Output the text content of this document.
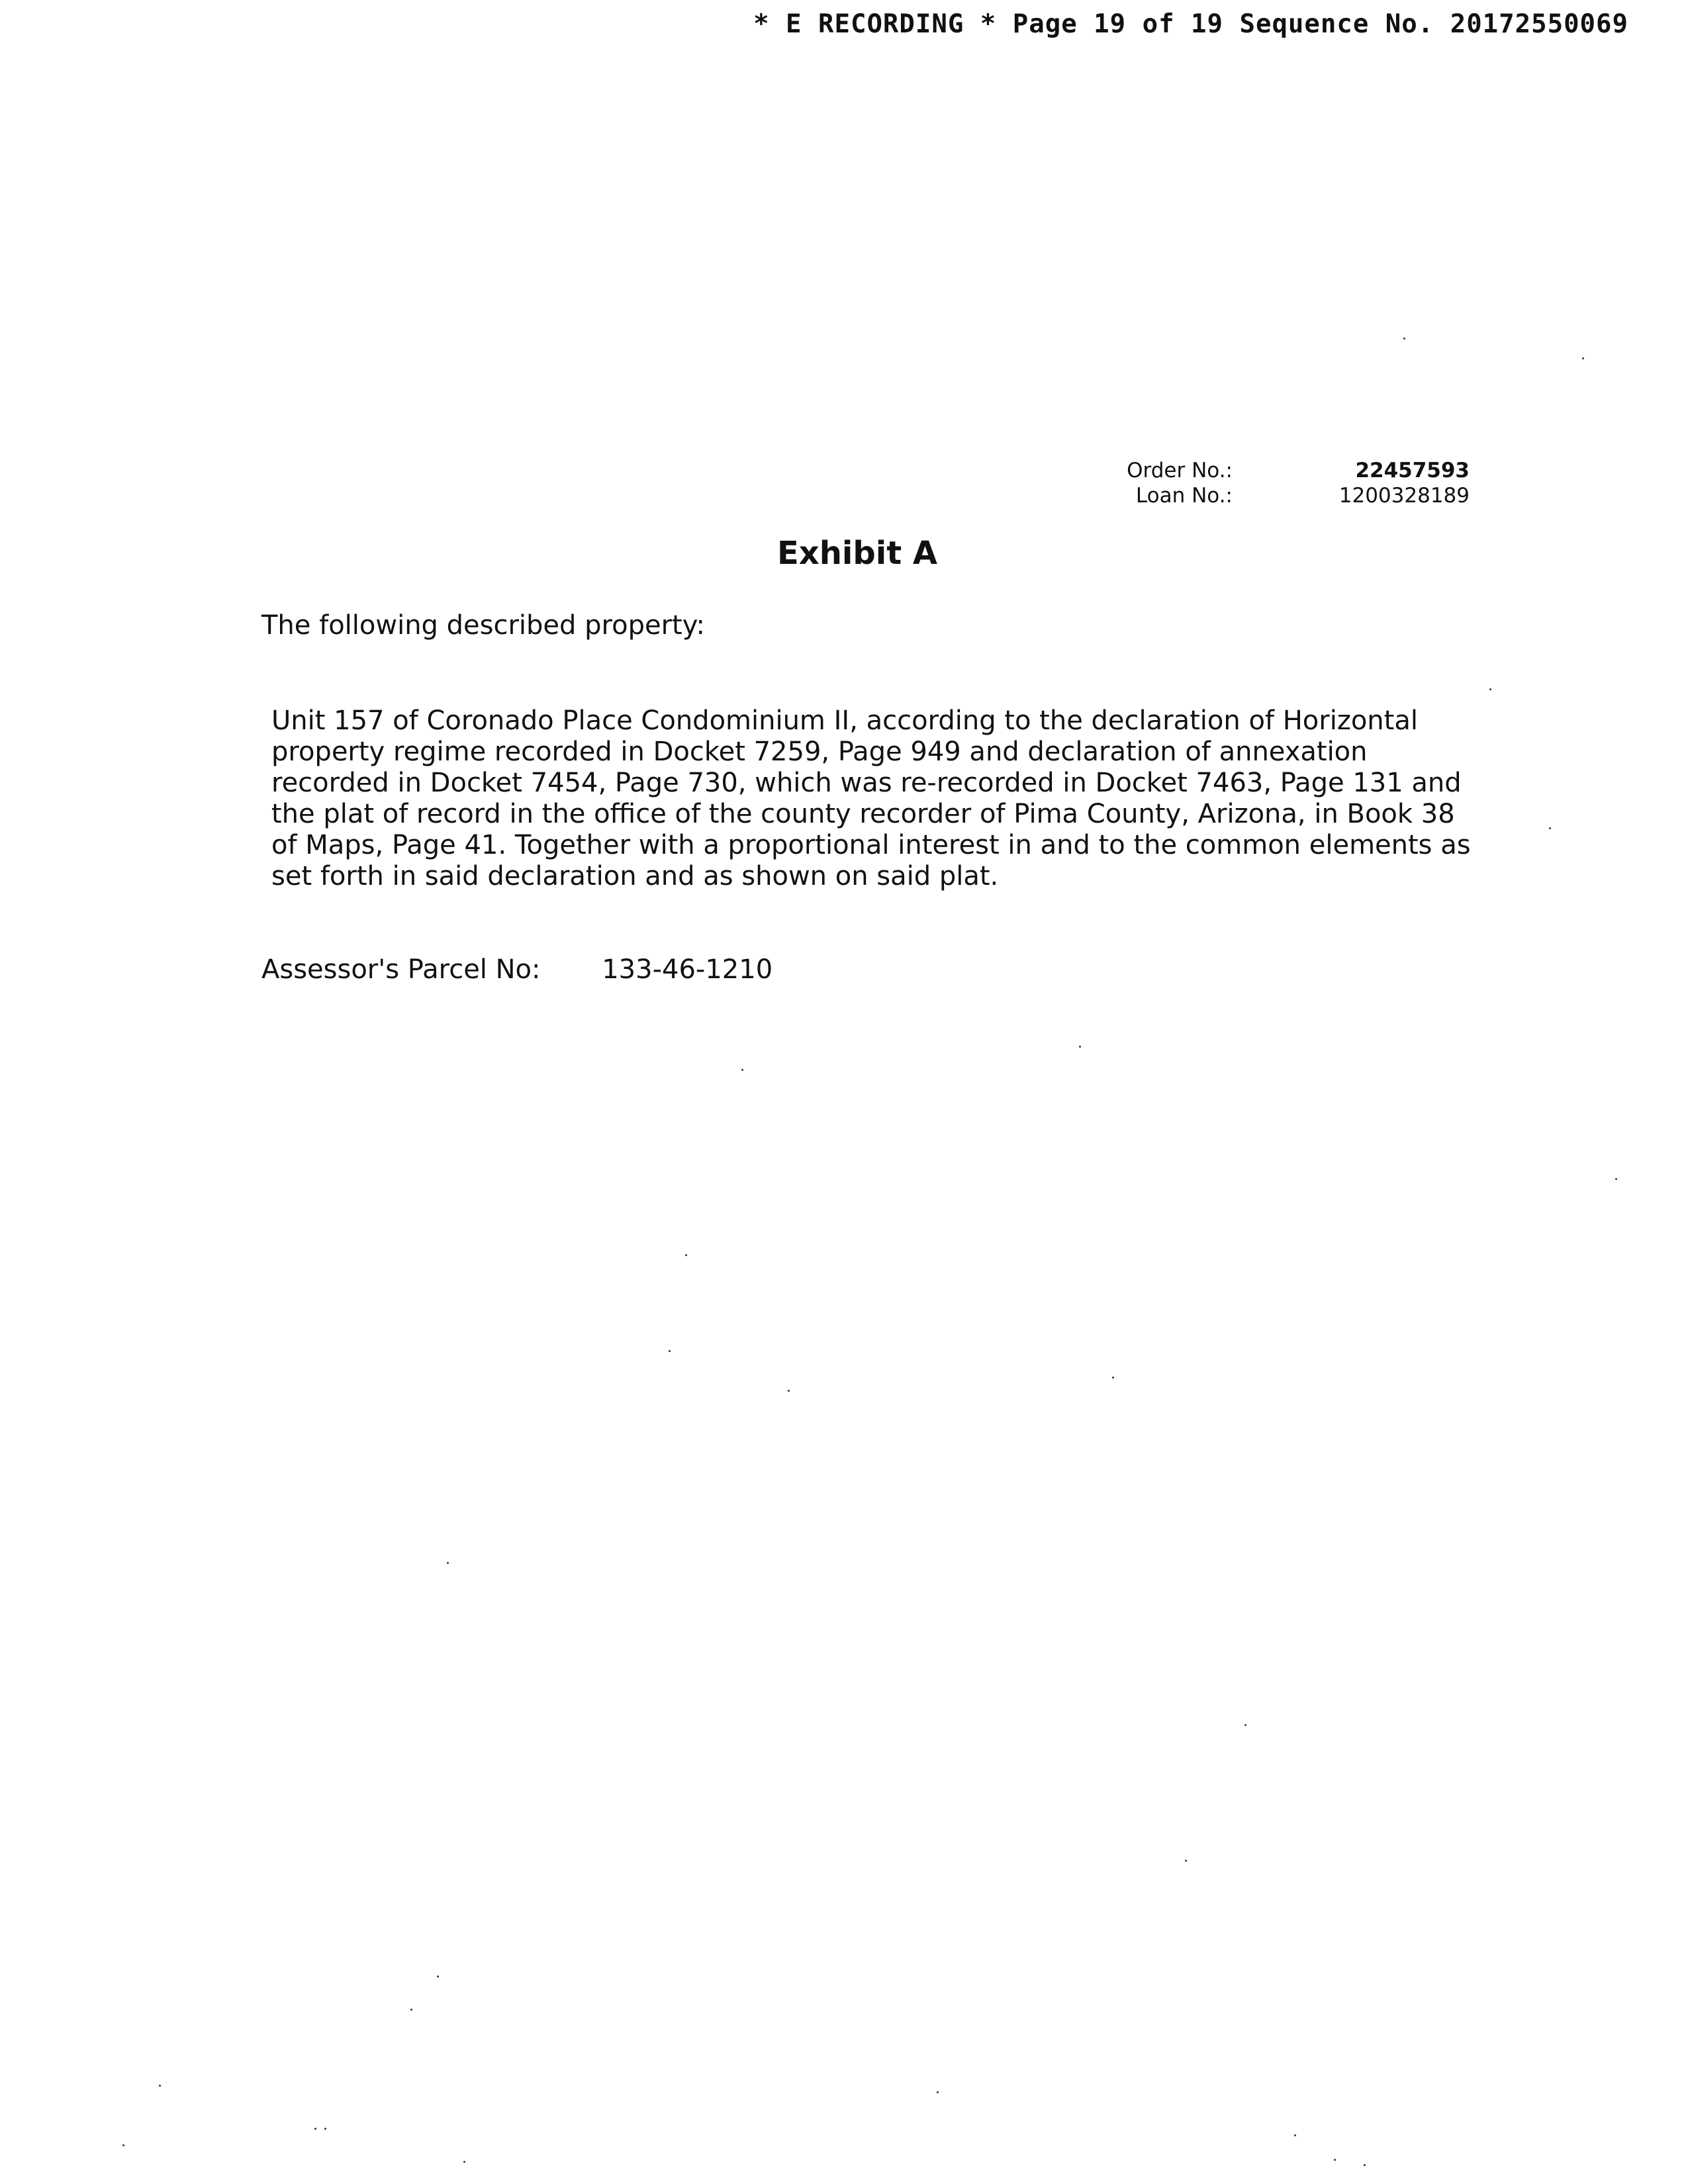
* E RECORDING * Page 19 of 19 Sequence No. 20172550069
Order No.:	22457593
Loan No.:	1200328189
Exhibit A
The following described property:
Unit 157 of Coronado Place Condominium II, according to the declaration of Horizontal
property regime recorded in Docket 7259, Page 949 and declaration of annexation
recorded in Docket 7454, Page 730, which was re-recorded in Docket 7463, Page 131 and
the plat of record in the office of the county recorder of Pima County, Arizona, in Book 38
of Maps, Page 41. Together with a proportional interest in and to the common elements as
set forth in said declaration and as shown on said plat.
Assessor's Parcel No: 133-46-1210
